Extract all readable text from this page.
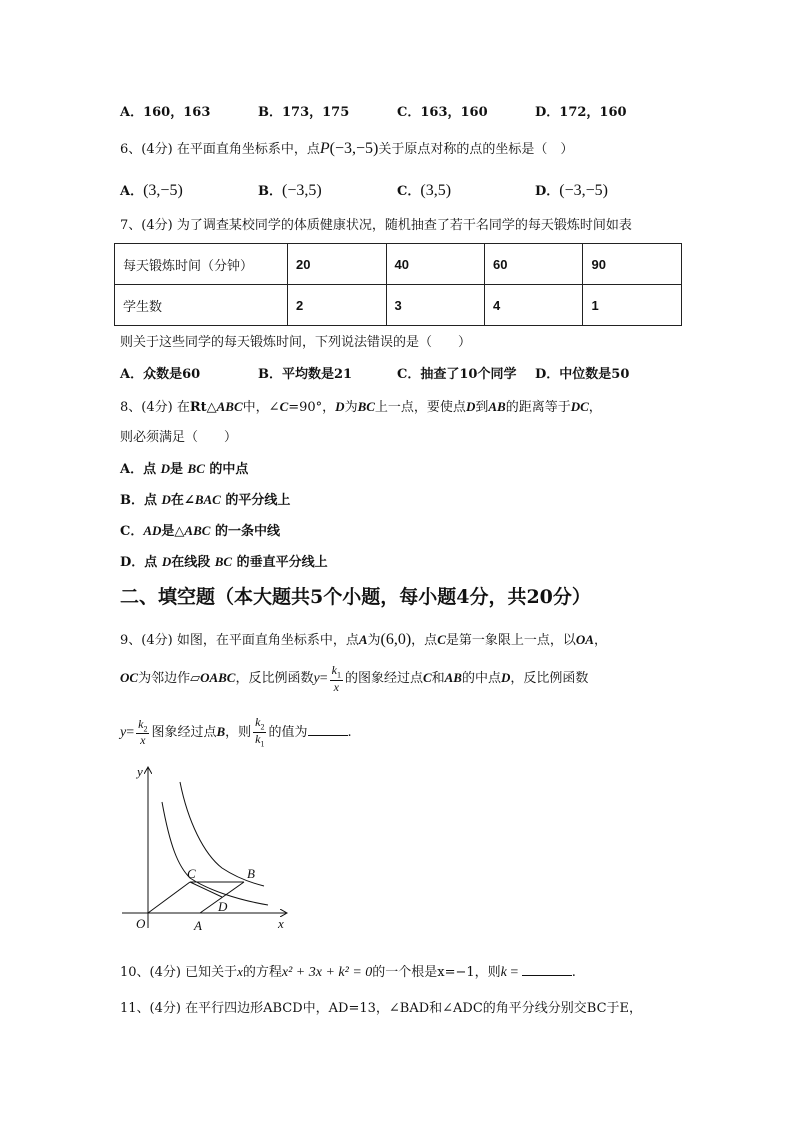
A．160，163	B．173，175	C．163，160	D．172，160
6、(4分) 在平面直角坐标系中，点P(−3,−5)关于原点对称的点的坐标是（　）
A．(3,−5)	B．(−3,5)	C．(3,5)	D．(−3,−5)
7、(4分) 为了调查某校同学的体质健康状况，随机抽查了若干名同学的每天锻炼时间如表
每天锻炼时间（分钟）	20	40	60	90
学生数	2	3	4	1
则关于这些同学的每天锻炼时间，下列说法错误的是（　　）
A．众数是60	B．平均数是21	C．抽查了10个同学 D．中位数是50
8、(4分) 在Rt△ABC中，∠C=90°，D为BC上一点，要使点D到AB的距离等于DC，
则必须满足（　　）
A．点 D是 BC 的中点
B．点 D在∠BAC 的平分线上
C．AD是△ABC 的一条中线
D．点 D在线段 BC 的垂直平分线上
二、填空题（本大题共5个小题，每小题4分，共20分）
9、(4分) 如图，在平面直角坐标系中，点A为(6,0)，点C是第一象限上一点，以OA，
OC为邻边作▱OABC，反比例函数$y= \frac{k_1}{x}$ 的图象经过点C和AB的中点D，反比例函数
$y= \frac{k_2}{x}$ 图象经过点B，则 $\frac{k_2}{k_1}$ 的值为	.
y
x
O	A
B
C
D
10、(4分) 已知关于x的方程x² + 3x + k² = 0的一个根是x=−1，则k =	.
11、(4分) 在平行四边形ABCD中，AD=13，∠BAD和∠ADC的角平分线分别交BC于E，
